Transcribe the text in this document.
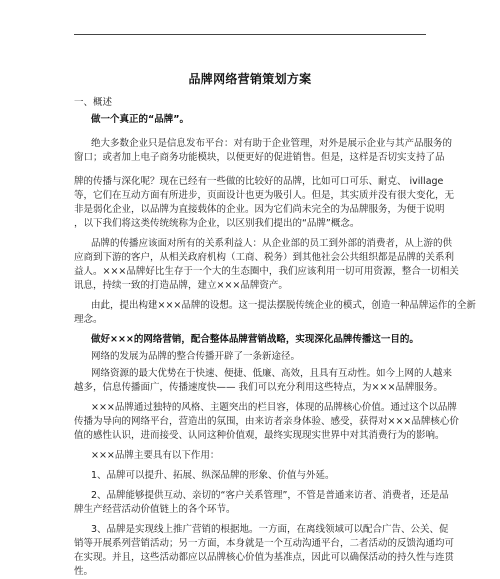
品牌网络营销策划方案
一、概述
做一个真正的“品牌”。
绝大多数企业只是信息发布平台：对有助于企业管理，对外是展示企业与其产品服务的
窗口；或者加上电子商务功能模块，以便更好的促进销售。但是，这样是否切实支持了品
牌的传播与深化呢？现在已经有一些做的比较好的品牌，比如可口可乐、耐克、 ivillage
等，它们在互动方面有所进步，页面设计也更为吸引人。但是，其实质并没有很大变化，无
非是弱化企业，以品牌为直接载体的企业。因为它们尚未完全的为品牌服务，为便于说明
，以下我们将这类传统统称为企业，以区别我们提出的“品牌”概念。
品牌的传播应该面对所有的关系利益人：从企业部的员工到外部的消费者，从上游的供
应商到下游的客户，从相关政府机构（工商、税务）到其他社会公共组织都是品牌的关系利
益人。×××品牌好比生存于一个大的生态圈中，我们应该利用一切可用资源，整合一切相关
讯息，持续一致的打造品牌，建立×××品牌资产。
由此，提出构建×××品牌的设想。这一提法摆脱传统企业的模式，创造一种品牌运作的全新
理念。
做好×××的网络营销，配合整体品牌营销战略，实现深化品牌传播这一目的。
网络的发展为品牌的整合传播开辟了一条新途径。
网络资源的最大优势在于快速、便捷、低廉、高效，且具有互动性。如今上网的人越来
越多，信息传播面广，传播速度快—— 我们可以充分利用这些特点，为×××品牌服务。
×××品牌通过独特的风格、主题突出的栏目容，体现的品牌核心价值。通过这个以品牌
传播为导向的网络平台，营造出的氛围，由来访者亲身体验、感受，获得对×××品牌核心价
值的感性认识，进而接受、认同这种价值观，最终实现现实世界中对其消费行为的影响。
×××品牌主要具有以下作用：
1、品牌可以提升、拓展、纵深品牌的形象、价值与外延。
2、品牌能够提供互动、亲切的“客户关系管理”，不管是普通来访者、消费者，还是品
牌生产经营活动价值链上的各个环节。
3、品牌是实现线上推广营销的根据地。一方面，在离线领域可以配合广告、公关、促
销等开展系列营销活动；另一方面，本身就是一个互动沟通平台，二者活动的反馈沟通均可
在实现。并且，这些活动都应以品牌核心价值为基准点，因此可以确保活动的持久性与连贯
性。
